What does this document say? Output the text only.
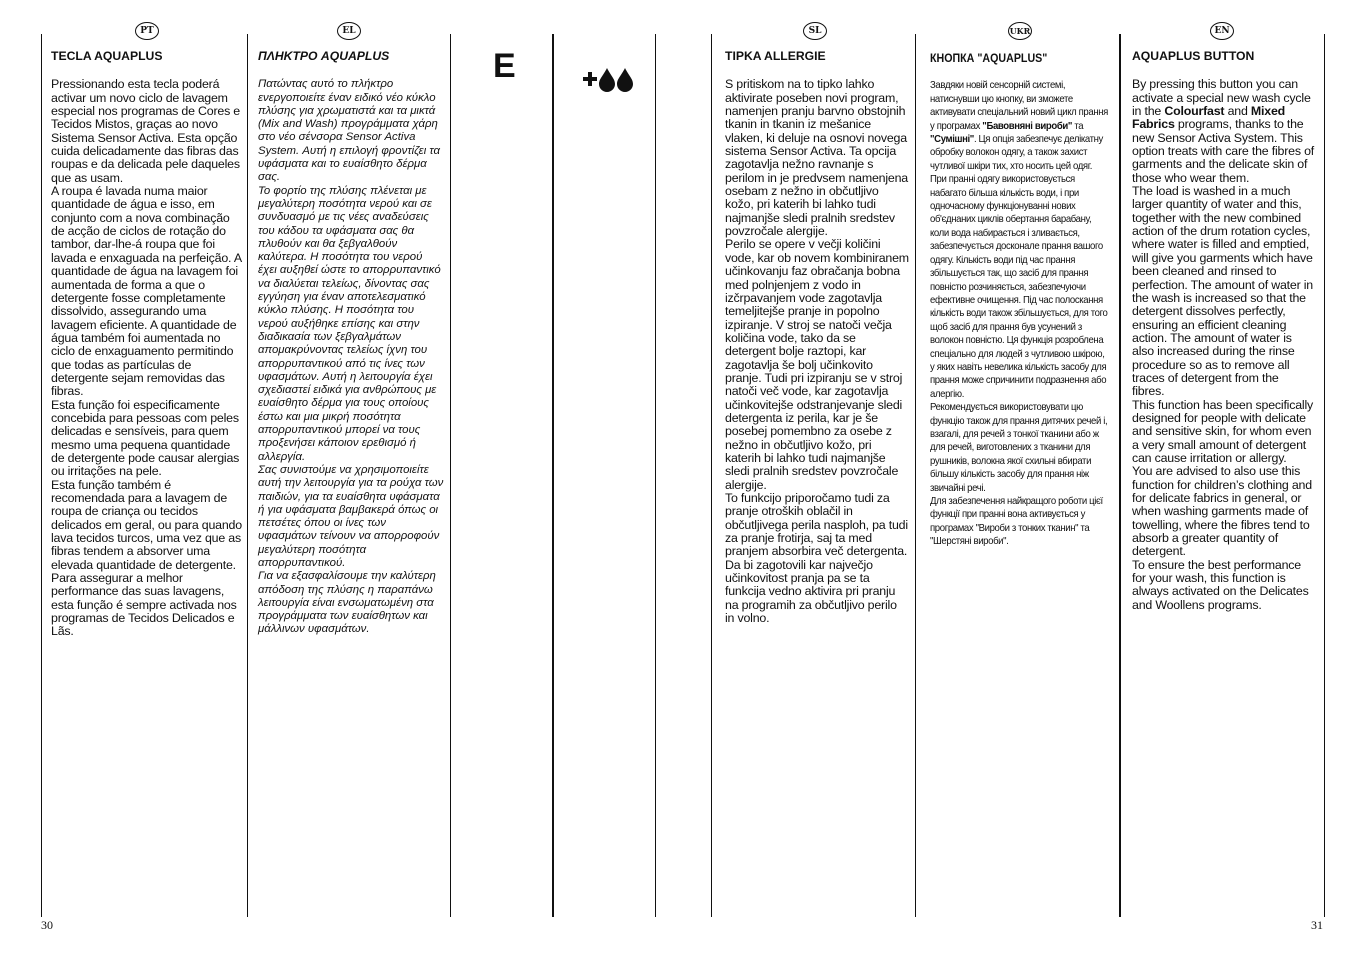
PT	EL	SL	UKR	EN
E

TECLA AQUAPLUS

Pressionando esta tecla poderá activar um novo ciclo de lavagem especial nos programas de Cores e Tecidos Mistos, graças ao novo Sistema Sensor Activa. Esta opção cuida delicadamente das fibras das roupas e da delicada pele daqueles que as usam.

A roupa é lavada numa maior quantidade de água e isso, em conjunto com a nova combinação de acção de ciclos de rotação do tambor, dar-lhe-á roupa que foi lavada e enxaguada na perfeição. A quantidade de água na lavagem foi aumentada de forma a que o detergente fosse completamente dissolvido, assegurando uma lavagem eficiente. A quantidade de água também foi aumentada no ciclo de enxaguamento permitindo que todas as partículas de detergente sejam removidas das fibras.

Esta função foi especificamente concebida para pessoas com peles delicadas e sensíveis, para quem mesmo uma pequena quantidade de detergente pode causar alergias ou irritações na pele.

Esta função também é recomendada para a lavagem de roupa de criança ou tecidos delicados em geral, ou para quando lava tecidos turcos, uma vez que as fibras tendem a absorver uma elevada quantidade de detergente.

Para assegurar a melhor performance das suas lavagens, esta função é sempre activada nos programas de Tecidos Delicados e Lãs.

ΠΛΗΚΤΡΟ AQUAPLUS

Πατώντας αυτό το πλήκτρο ενεργοποιείτε έναν ειδικό νέο κύκλο πλύσης για χρωματιστά και τα μικτά (Mix and Wash) προγράμματα χάρη στο νέο σένσορα Sensor Activa System. Αυτή η επιλογή φροντίζει τα υφάσματα και το ευαίσθητο δέρμα σας.

Το φορτίο της πλύσης πλένεται με μεγαλύτερη ποσότητα νερού και σε συνδυασμό με τις νέες αναδεύσεις του κάδου τα υφάσματα σας θα πλυθούν και θα ξεβγαλθούν καλύτερα. Η ποσότητα του νερού έχει αυξηθεί ώστε το απορρυπαντικό να διαλύεται τελείως, δίνοντας σας εγγύηση για έναν αποτελεσματικό κύκλο πλύσης. Η ποσότητα του νερού αυξήθηκε επίσης και στην διαδικασία των ξεβγαλμάτων απομακρύνοντας τελείως ίχνη του απορρυπαντικού από τις ίνες των υφασμάτων. Αυτή η λειτουργία έχει σχεδιαστεί ειδικά για ανθρώπους με ευαίσθητο δέρμα για τους οποίους έστω και μια μικρή ποσότητα απορρυπαντικού μπορεί να τους προξενήσει κάποιον ερεθισμό ή αλλεργία.

Σας συνιστούμε να χρησιμοποιείτε αυτή την λειτουργία για τα ρούχα των παιδιών, για τα ευαίσθητα υφάσματα ή για υφάσματα βαμβακερά όπως οι πετσέτες όπου οι ίνες των υφασμάτων τείνουν να απορροφούν μεγαλύτερη ποσότητα απορρυπαντικού.

Για να εξασφαλίσουμε την καλύτερη απόδοση της πλύσης η παραπάνω λειτουργία είναι ενσωματωμένη στα προγράμματα των ευαίσθητων και μάλλινων υφασμάτων.

TIPKA ALLERGIE

S pritiskom na to tipko lahko aktivirate poseben novi program, namenjen pranju barvno obstojnih tkanin in tkanin iz mešanice vlaken, ki deluje na osnovi novega sistema Sensor Activa. Ta opcija zagotavlja nežno ravnanje s perilom in je predvsem namenjena osebam z nežno in občutljivo kožo, pri katerih bi lahko tudi najmanjše sledi pralnih sredstev povzročale alergije.

Perilo se opere v večji količini vode, kar ob novem kombiniranem učinkovanju faz obračanja bobna med polnjenjem z vodo in izčrpavanjem vode zagotavlja temeljitejše pranje in popolno izpiranje. V stroj se natoči večja količina vode, tako da se detergent bolje raztopi, kar zagotavlja še bolj učinkovito pranje. Tudi pri izpiranju se v stroj natoči več vode, kar zagotavlja učinkovitejše odstranjevanje sledi detergenta iz perila, kar je še posebej pomembno za osebe z nežno in občutljivo kožo, pri katerih bi lahko tudi najmanjše sledi pralnih sredstev povzročale alergije.

To funkcijo priporočamo tudi za pranje otroških oblačil in občutljivega perila nasploh, pa tudi za pranje frotirja, saj ta med pranjem absorbira več detergenta.

Da bi zagotovili kar največjo učinkovitost pranja pa se ta funkcija vedno aktivira pri pranju na programih za občutljivo perilo in volno.

КНОПКА "AQUAPLUS"

Завдяки новій сенсорній системі, натиснувши цю кнопку, ви зможете активувати спеціальний новий цикл прання у програмах "Бавовняні вироби" та "Сумішні". Ця опція забезпечує делікатну обробку волокон одягу, а також захист чутливої шкіри тих, хто носить цей одяг.

При пранні одягу використовується набагато більша кількість води, і при одночасному функціонуванні нових об'єднаних циклів обертання барабану, коли вода набирається і зливається, забезпечується досконале прання вашого одягу. Кількість води під час прання збільшується так, що засіб для прання повністю розчиняється, забезпечуючи ефективне очищення. Під час полоскання кількість води також збільшується, для того щоб засіб для прання був усунений з волокон повністю. Ця функція розроблена спеціально для людей з чутливою шкірою, у яких навіть невелика кількість засобу для прання може спричинити подразнення або алергію.

Рекомендується використовувати цю функцію також для прання дитячих речей і, взагалі, для речей з тонкої тканини або ж для речей, виготовлених з тканини для рушників, волокна якої схильні вбирати більшу кількість засобу для прання ніж звичайні речі.

Для забезпечення найкращого роботи цієї функції при пранні вона активується у програмах "Вироби з тонких тканин" та "Шерстяні вироби".

AQUAPLUS BUTTON

By pressing this button you can activate a special new wash cycle in the Colourfast and Mixed Fabrics programs, thanks to the new Sensor Activa System. This option treats with care the fibres of garments and the delicate skin of those who wear them.

The load is washed in a much larger quantity of water and this, together with the new combined action of the drum rotation cycles, where water is filled and emptied, will give you garments which have been cleaned and rinsed to perfection. The amount of water in the wash is increased so that the detergent dissolves perfectly, ensuring an efficient cleaning action. The amount of water is also increased during the rinse procedure so as to remove all traces of detergent from the fibres.

This function has been specifically designed for people with delicate and sensitive skin, for whom even a very small amount of detergent can cause irritation or allergy.

You are advised to also use this function for children’s clothing and for delicate fabrics in general, or when washing garments made of towelling, where the fibres tend to absorb a greater quantity of detergent.

To ensure the best performance for your wash, this function is always activated on the Delicates and Woollens programs.

30	31
